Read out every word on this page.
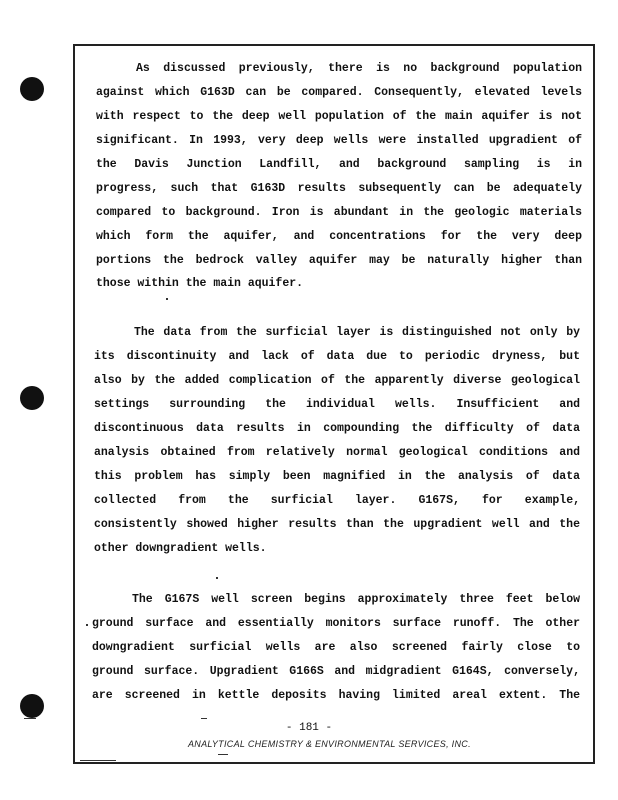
As discussed previously, there is no background population
against which G163D can be compared. Consequently, elevated levels
with respect to the deep well population of the main aquifer is not
significant. In 1993, very deep wells were installed upgradient of
the Davis Junction Landfill, and background sampling is in
progress, such that G163D results subsequently can be adequately
compared to background. Iron is abundant in the geologic materials
which form the aquifer, and concentrations for the very deep
portions the bedrock valley aquifer may be naturally higher than
those within the main aquifer.
The data from the surficial layer is distinguished not only by
its discontinuity and lack of data due to periodic dryness, but
also by the added complication of the apparently diverse geological
settings surrounding the individual wells. Insufficient and
discontinuous data results in compounding the difficulty of data
analysis obtained from relatively normal geological conditions and
this problem has simply been magnified in the analysis of data
collected from the surficial layer. G167S, for example,
consistently showed higher results than the upgradient well and the
other downgradient wells.
The G167S well screen begins approximately three feet below
ground surface and essentially monitors surface runoff. The other
downgradient surficial wells are also screened fairly close to
ground surface. Upgradient G166S and midgradient G164S, conversely,
are screened in kettle deposits having limited areal extent. The
- 181 -
ANALYTICAL CHEMISTRY & ENVIRONMENTAL SERVICES, INC.
